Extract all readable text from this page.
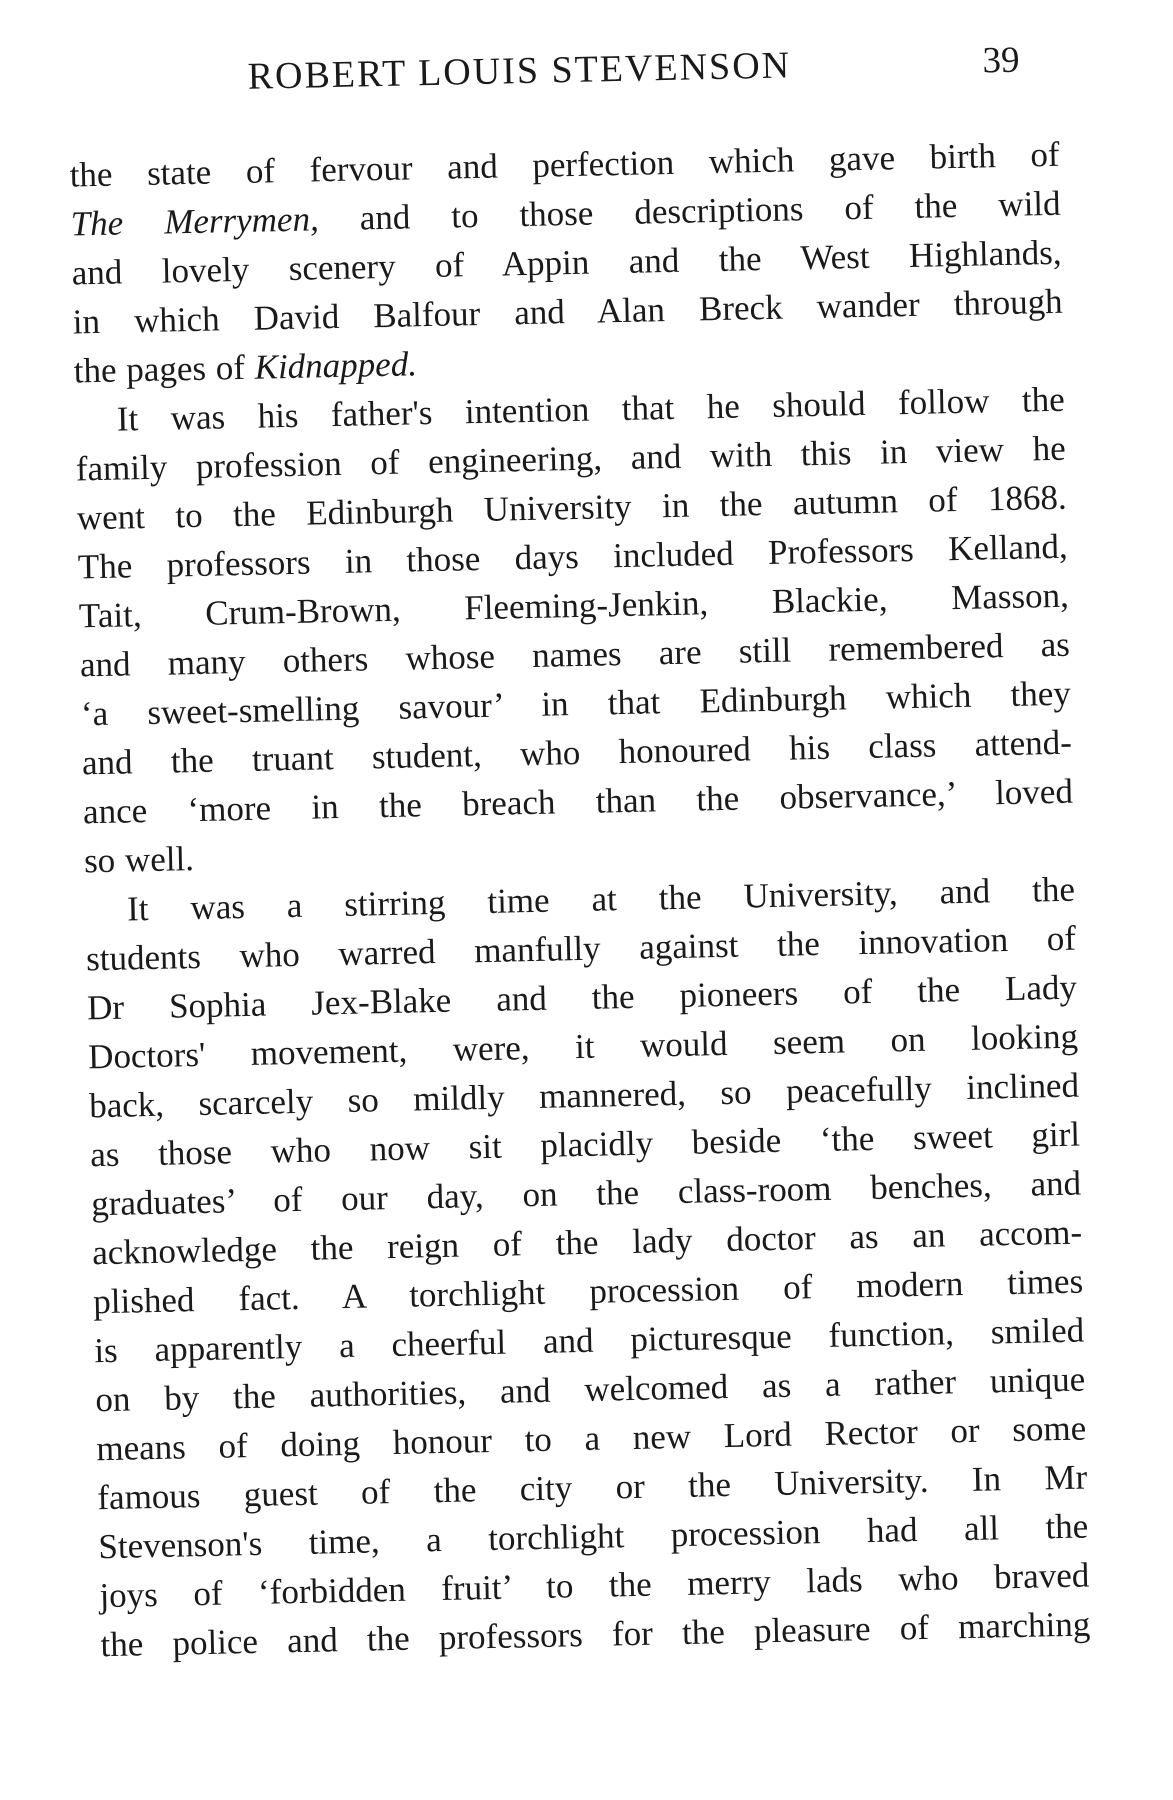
ROBERT LOUIS STEVENSON	39
the state of fervour and perfection which gave birth of
The Merrymen, and to those descriptions of the wild
and lovely scenery of Appin and the West Highlands,
in which David Balfour and Alan Breck wander through
the pages of Kidnapped.
It was his father's intention that he should follow the
family profession of engineering, and with this in view he
went to the Edinburgh University in the autumn of 1868.
The professors in those days included Professors Kelland,
Tait, Crum-Brown, Fleeming-Jenkin, Blackie, Masson,
and many others whose names are still remembered as
‘a sweet-smelling savour’ in that Edinburgh which they
and the truant student, who honoured his class attend-
ance ‘more in the breach than the observance,’ loved
so well.
It was a stirring time at the University, and the
students who warred manfully against the innovation of
Dr Sophia Jex-Blake and the pioneers of the Lady
Doctors' movement, were, it would seem on looking
back, scarcely so mildly mannered, so peacefully inclined
as those who now sit placidly beside ‘the sweet girl
graduates’ of our day, on the class-room benches, and
acknowledge the reign of the lady doctor as an accom-
plished fact. A torchlight procession of modern times
is apparently a cheerful and picturesque function, smiled
on by the authorities, and welcomed as a rather unique
means of doing honour to a new Lord Rector or some
famous guest of the city or the University. In Mr
Stevenson's time, a torchlight procession had all the
joys of ‘forbidden fruit’ to the merry lads who braved
the police and the professors for the pleasure of marching
